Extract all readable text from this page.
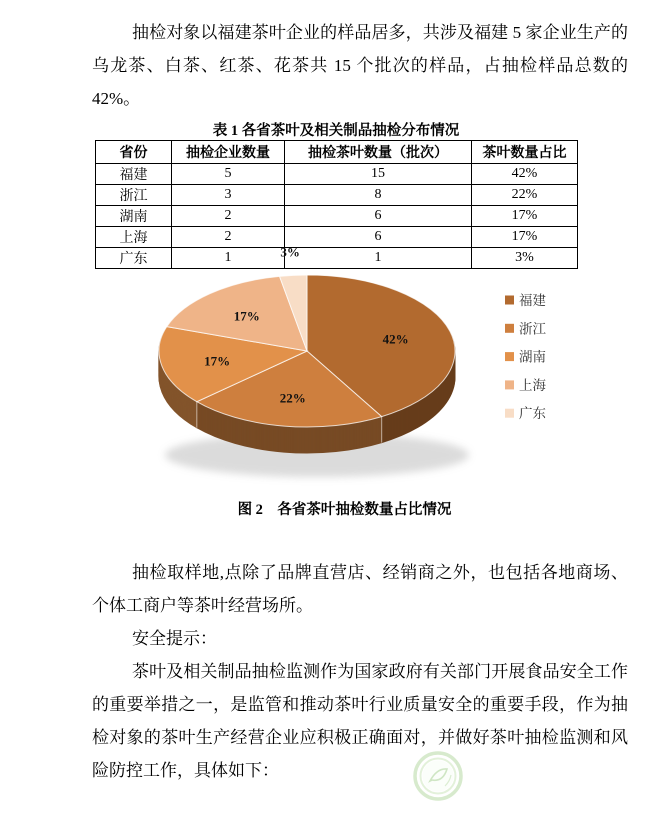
抽检对象以福建茶叶企业的样品居多，共涉及福建 5 家企业生产的乌龙茶、白茶、红茶、花茶共 15 个批次的样品，占抽检样品总数的 42%。

表 1 各省茶叶及相关制品抽检分布情况
省份	抽检企业数量	抽检茶叶数量（批次）	茶叶数量占比
福建	5	15	42%
浙江	3	8	22%
湖南	2	6	17%
上海	2	6	17%
广东	1	1	3%
42%
22%
17%
17%
3%
福建
浙江
湖南
上海
广东
图 2　各省茶叶抽检数量占比情况

抽检取样地,点除了品牌直营店、经销商之外，也包括各地商场、个体工商户等茶叶经营场所。

安全提示：

茶叶及相关制品抽检监测作为国家政府有关部门开展食品安全工作的重要举措之一，是监管和推动茶叶行业质量安全的重要手段，作为抽检对象的茶叶生产经营企业应积极正确面对，并做好茶叶抽检监测和风险防控工作，具体如下：
